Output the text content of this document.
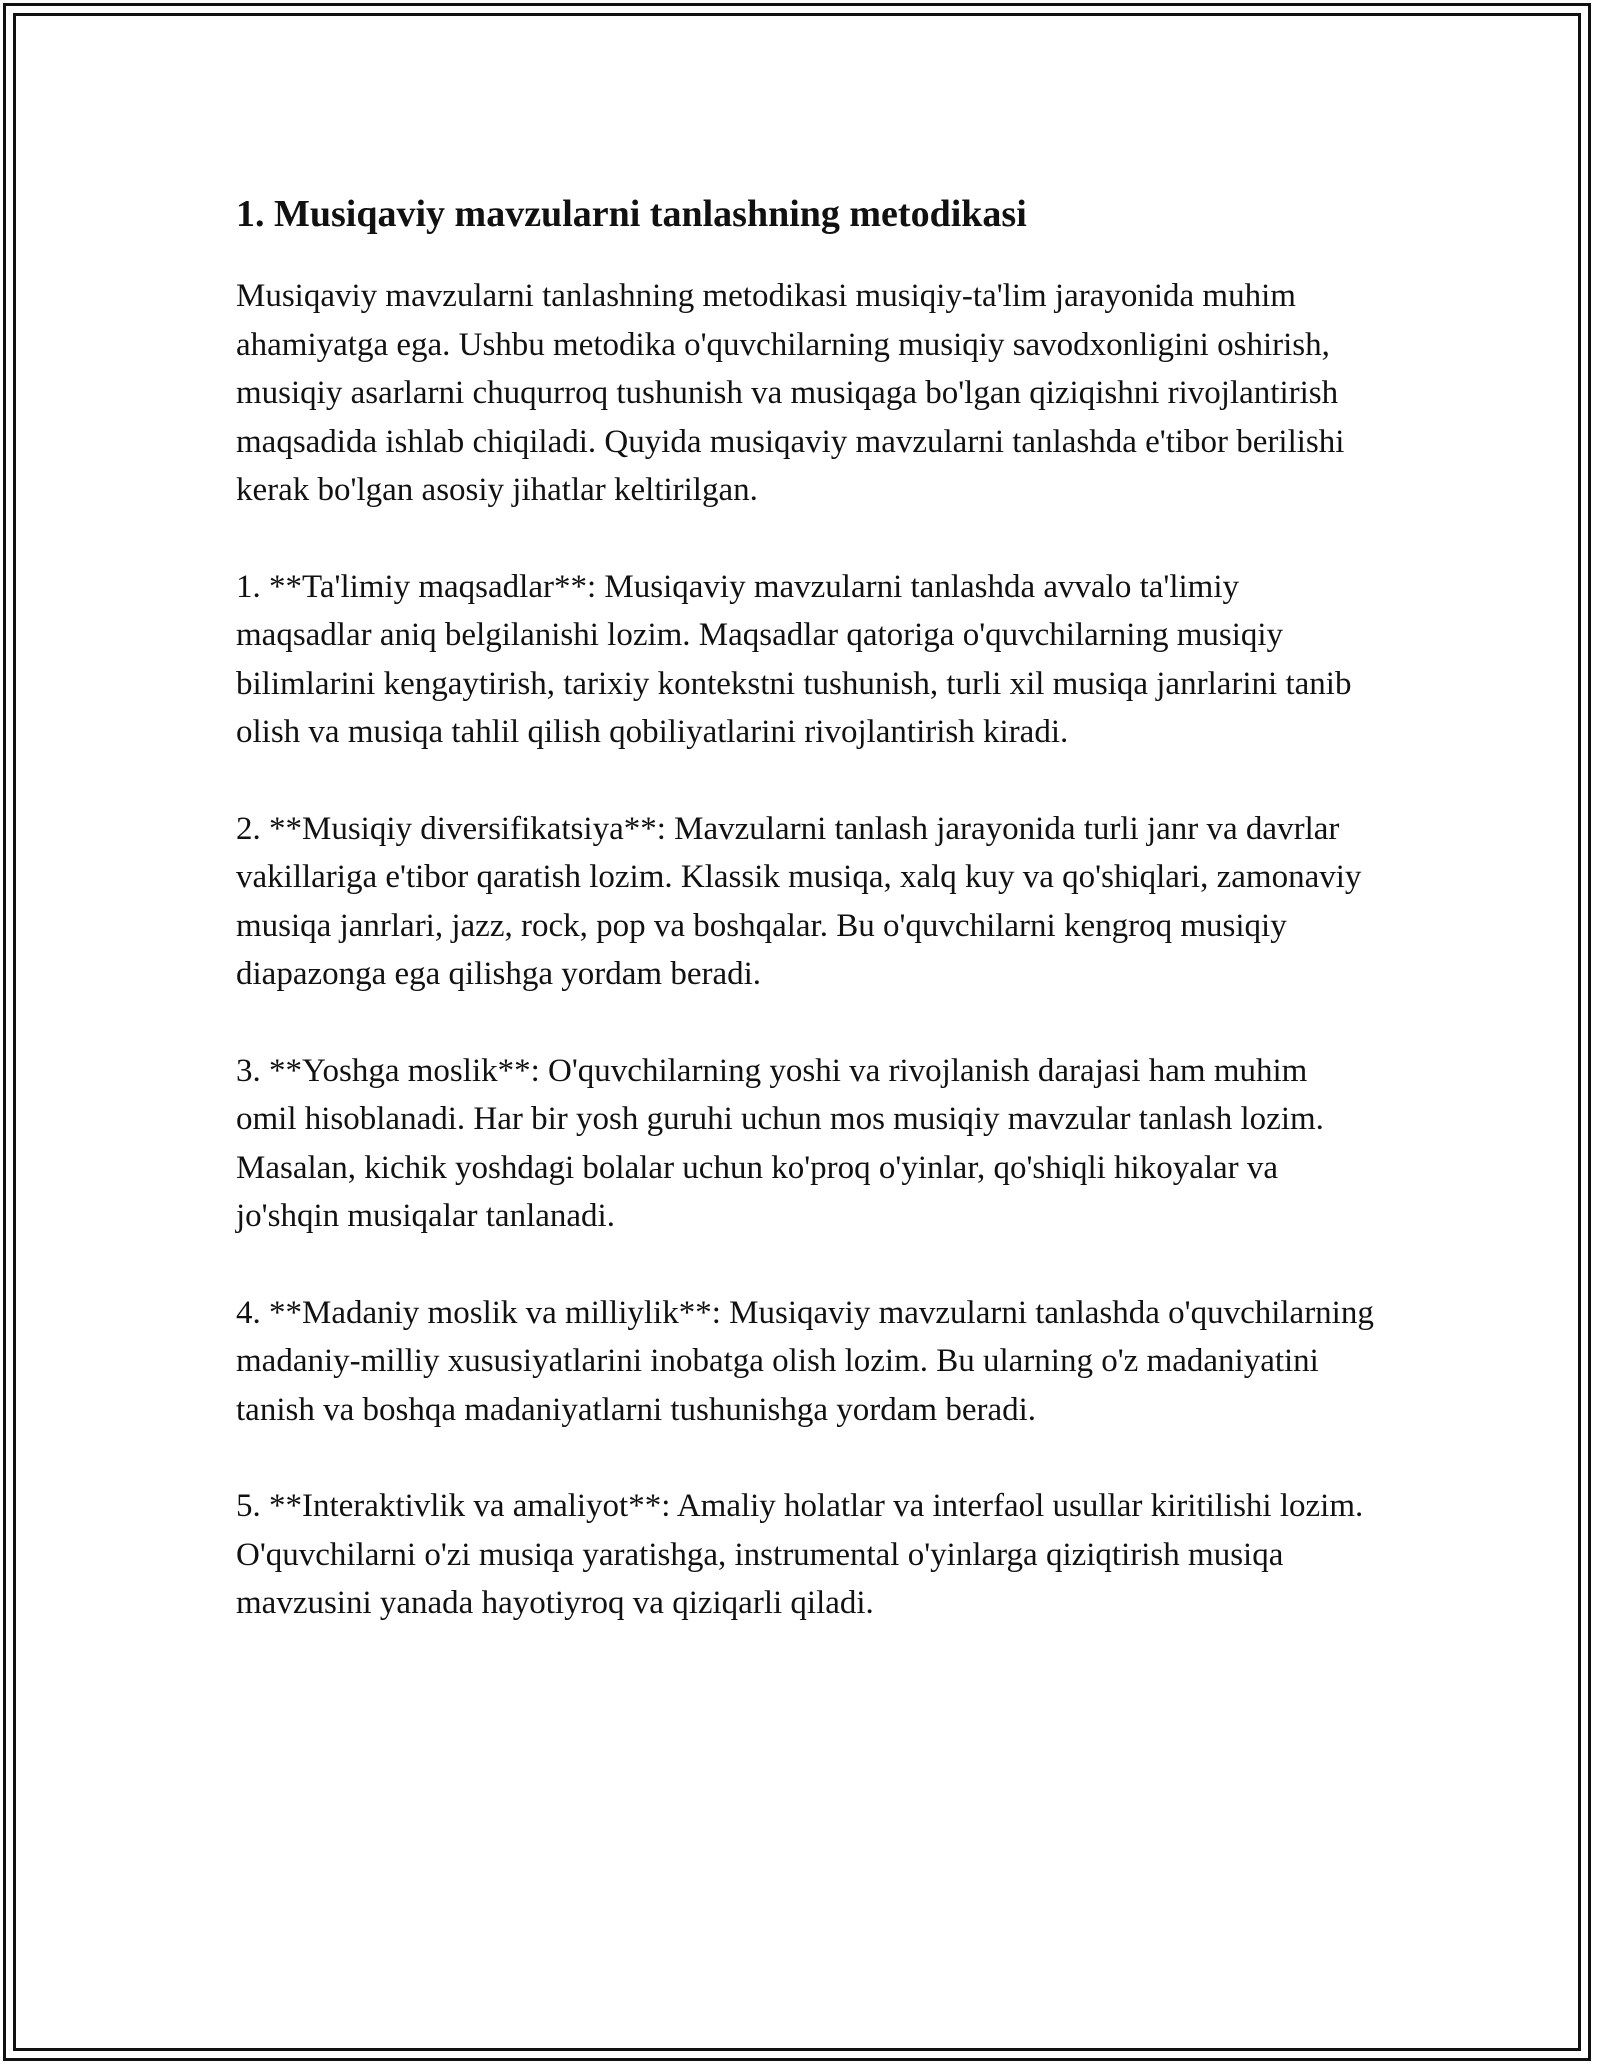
1. Musiqaviy mavzularni tanlashning metodikasi

Musiqaviy mavzularni tanlashning metodikasi musiqiy-ta'lim jarayonida muhim ahamiyatga ega. Ushbu metodika o'quvchilarning musiqiy savodxonligini oshirish, musiqiy asarlarni chuqurroq tushunish va musiqaga bo'lgan qiziqishni rivojlantirish maqsadida ishlab chiqiladi. Quyida musiqaviy mavzularni tanlashda e'tibor berilishi kerak bo'lgan asosiy jihatlar keltirilgan.

1. **Ta'limiy maqsadlar**: Musiqaviy mavzularni tanlashda avvalo ta'limiy maqsadlar aniq belgilanishi lozim. Maqsadlar qatoriga o'quvchilarning musiqiy bilimlarini kengaytirish, tarixiy kontekstni tushunish, turli xil musiqa janrlarini tanib olish va musiqa tahlil qilish qobiliyatlarini rivojlantirish kiradi.

2. **Musiqiy diversifikatsiya**: Mavzularni tanlash jarayonida turli janr va davrlar vakillariga e'tibor qaratish lozim. Klassik musiqa, xalq kuy va qo'shiqlari, zamonaviy musiqa janrlari, jazz, rock, pop va boshqalar. Bu o'quvchilarni kengroq musiqiy diapazonga ega qilishga yordam beradi.

3. **Yoshga moslik**: O'quvchilarning yoshi va rivojlanish darajasi ham muhim omil hisoblanadi. Har bir yosh guruhi uchun mos musiqiy mavzular tanlash lozim. Masalan, kichik yoshdagi bolalar uchun ko'proq o'yinlar, qo'shiqli hikoyalar va jo'shqin musiqalar tanlanadi.

4. **Madaniy moslik va milliylik**: Musiqaviy mavzularni tanlashda o'quvchilarning madaniy-milliy xususiyatlarini inobatga olish lozim. Bu ularning o'z madaniyatini tanish va boshqa madaniyatlarni tushunishga yordam beradi.

5. **Interaktivlik va amaliyot**: Amaliy holatlar va interfaol usullar kiritilishi lozim. O'quvchilarni o'zi musiqa yaratishga, instrumental o'yinlarga qiziqtirish musiqa mavzusini yanada hayotiyroq va qiziqarli qiladi.
